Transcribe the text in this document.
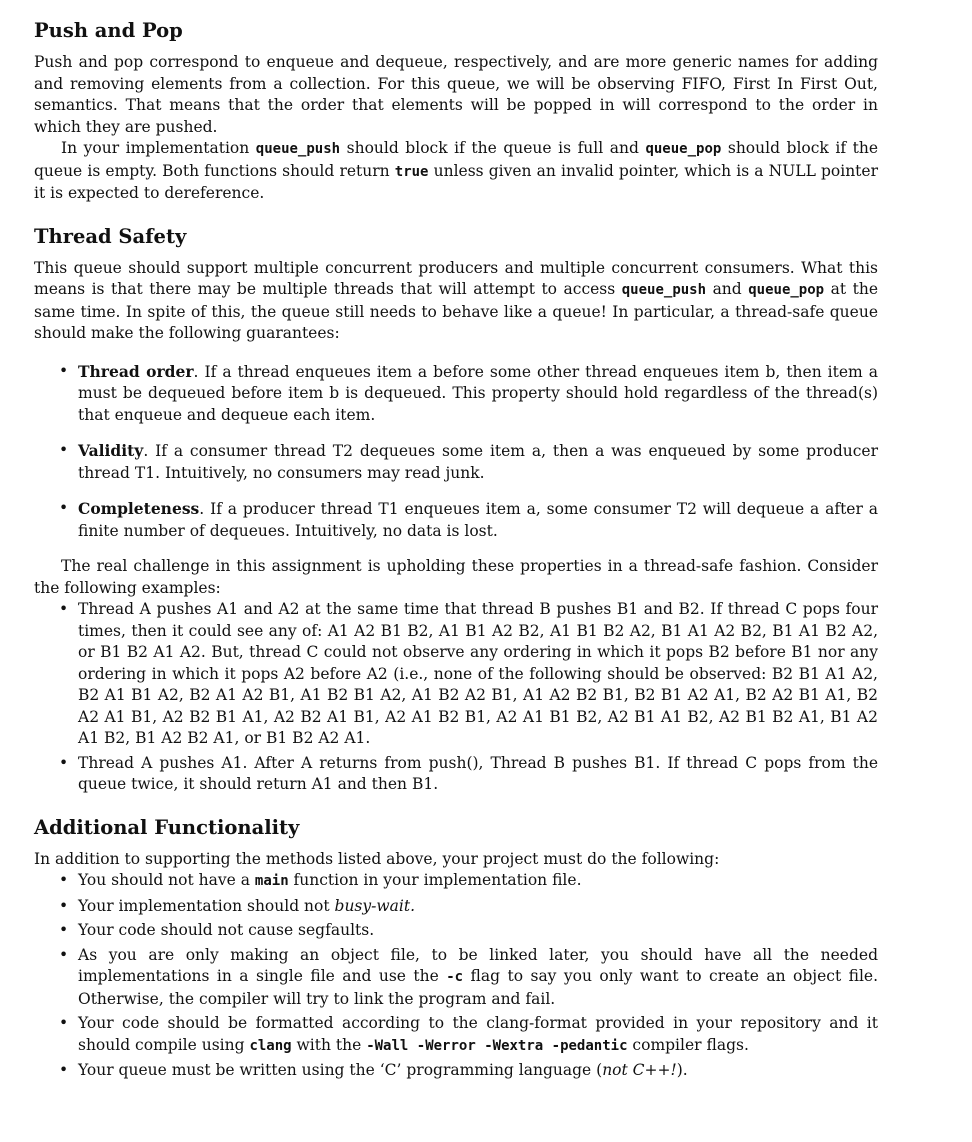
Push and Pop

Push and pop correspond to enqueue and dequeue, respectively, and are more generic names for adding and removing elements from a collection. For this queue, we will be observing FIFO, First In First Out, semantics. That means that the order that elements will be popped in will correspond to the order in which they are pushed.

In your implementation queue_push should block if the queue is full and queue_pop should block if the queue is empty. Both functions should return true unless given an invalid pointer, which is a NULL pointer it is expected to dereference.

Thread Safety

This queue should support multiple concurrent producers and multiple concurrent consumers. What this means is that there may be multiple threads that will attempt to access queue_push and queue_pop at the same time. In spite of this, the queue still needs to behave like a queue! In particular, a thread-safe queue should make the following guarantees:

• Thread order. If a thread enqueues item a before some other thread enqueues item b, then item a must be dequeued before item b is dequeued. This property should hold regardless of the thread(s) that enqueue and dequeue each item.
• Validity. If a consumer thread T2 dequeues some item a, then a was enqueued by some producer thread T1. Intuitively, no consumers may read junk.
• Completeness. If a producer thread T1 enqueues item a, some consumer T2 will dequeue a after a finite number of dequeues. Intuitively, no data is lost.

The real challenge in this assignment is upholding these properties in a thread-safe fashion. Consider the following examples:

• Thread A pushes A1 and A2 at the same time that thread B pushes B1 and B2. If thread C pops four times, then it could see any of: A1 A2 B1 B2, A1 B1 A2 B2, A1 B1 B2 A2, B1 A1 A2 B2, B1 A1 B2 A2, or B1 B2 A1 A2. But, thread C could not observe any ordering in which it pops B2 before B1 nor any ordering in which it pops A2 before A2 (i.e., none of the following should be observed: B2 B1 A1 A2, B2 A1 B1 A2, B2 A1 A2 B1, A1 B2 B1 A2, A1 B2 A2 B1, A1 A2 B2 B1, B2 B1 A2 A1, B2 A2 B1 A1, B2 A2 A1 B1, A2 B2 B1 A1, A2 B2 A1 B1, A2 A1 B2 B1, A2 A1 B1 B2, A2 B1 A1 B2, A2 B1 B2 A1, B1 A2 A1 B2, B1 A2 B2 A1, or B1 B2 A2 A1.
• Thread A pushes A1. After A returns from push(), Thread B pushes B1. If thread C pops from the queue twice, it should return A1 and then B1.
Additional Functionality

In addition to supporting the methods listed above, your project must do the following:

• You should not have a main function in your implementation file.
• Your implementation should not busy-wait.
• Your code should not cause segfaults.
• As you are only making an object file, to be linked later, you should have all the needed implementations in a single file and use the -c flag to say you only want to create an object file. Otherwise, the compiler will try to link the program and fail.
• Your code should be formatted according to the clang-format provided in your repository and it should compile using clang with the -Wall -Werror -Wextra -pedantic compiler flags.
• Your queue must be written using the ‘C’ programming language (not C++!).
